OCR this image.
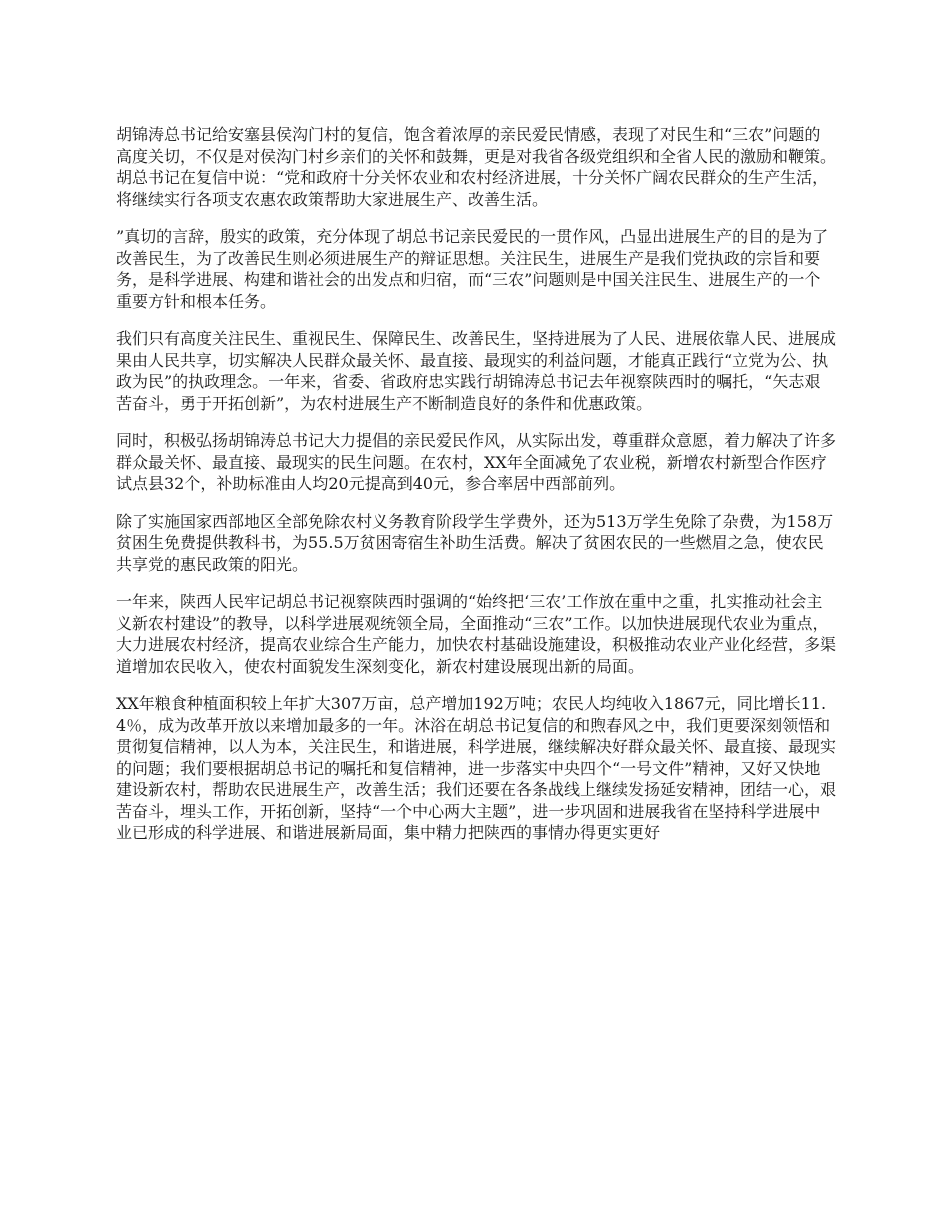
胡锦涛总书记给安塞县侯沟门村的复信，饱含着浓厚的亲民爱民情感，表现了对民生和“三农”问题的高度关切，不仅是对侯沟门村乡亲们的关怀和鼓舞，更是对我省各级党组织和全省人民的激励和鞭策。胡总书记在复信中说：“党和政府十分关怀农业和农村经济进展，十分关怀广阔农民群众的生产生活，将继续实行各项支农惠农政策帮助大家进展生产、改善生活。

”真切的言辞，殷实的政策，充分体现了胡总书记亲民爱民的一贯作风，凸显出进展生产的目的是为了改善民生，为了改善民生则必须进展生产的辩证思想。关注民生，进展生产是我们党执政的宗旨和要务，是科学进展、构建和谐社会的出发点和归宿，而“三农”问题则是中国关注民生、进展生产的一个重要方针和根本任务。

我们只有高度关注民生、重视民生、保障民生、改善民生，坚持进展为了人民、进展依靠人民、进展成果由人民共享，切实解决人民群众最关怀、最直接、最现实的利益问题，才能真正践行“立党为公、执政为民”的执政理念。一年来，省委、省政府忠实践行胡锦涛总书记去年视察陕西时的嘱托，“矢志艰苦奋斗，勇于开拓创新”，为农村进展生产不断制造良好的条件和优惠政策。

同时，积极弘扬胡锦涛总书记大力提倡的亲民爱民作风，从实际出发，尊重群众意愿，着力解决了许多群众最关怀、最直接、最现实的民生问题。在农村，XX年全面减免了农业税，新增农村新型合作医疗试点县32个，补助标准由人均20元提高到40元，参合率居中西部前列。

除了实施国家西部地区全部免除农村义务教育阶段学生学费外，还为513万学生免除了杂费，为158万贫困生免费提供教科书，为55.5万贫困寄宿生补助生活费。解决了贫困农民的一些燃眉之急，使农民共享党的惠民政策的阳光。

一年来，陕西人民牢记胡总书记视察陕西时强调的“始终把‘三农’工作放在重中之重，扎实推动社会主义新农村建设”的教导，以科学进展观统领全局，全面推动“三农”工作。以加快进展现代农业为重点，大力进展农村经济，提高农业综合生产能力，加快农村基础设施建设，积极推动农业产业化经营，多渠道增加农民收入，使农村面貌发生深刻变化，新农村建设展现出新的局面。

XX年粮食种植面积较上年扩大307万亩，总产增加192万吨；农民人均纯收入1867元，同比增长11.4％，成为改革开放以来增加最多的一年。沐浴在胡总书记复信的和煦春风之中，我们更要深刻领悟和贯彻复信精神，以人为本，关注民生，和谐进展，科学进展，继续解决好群众最关怀、最直接、最现实的问题；我们要根据胡总书记的嘱托和复信精神，进一步落实中央四个“一号文件”精神，又好又快地建设新农村，帮助农民进展生产，改善生活；我们还要在各条战线上继续发扬延安精神，团结一心，艰苦奋斗，埋头工作，开拓创新，坚持“一个中心两大主题”，进一步巩固和进展我省在坚持科学进展中业已形成的科学进展、和谐进展新局面，集中精力把陕西的事情办得更实更好
